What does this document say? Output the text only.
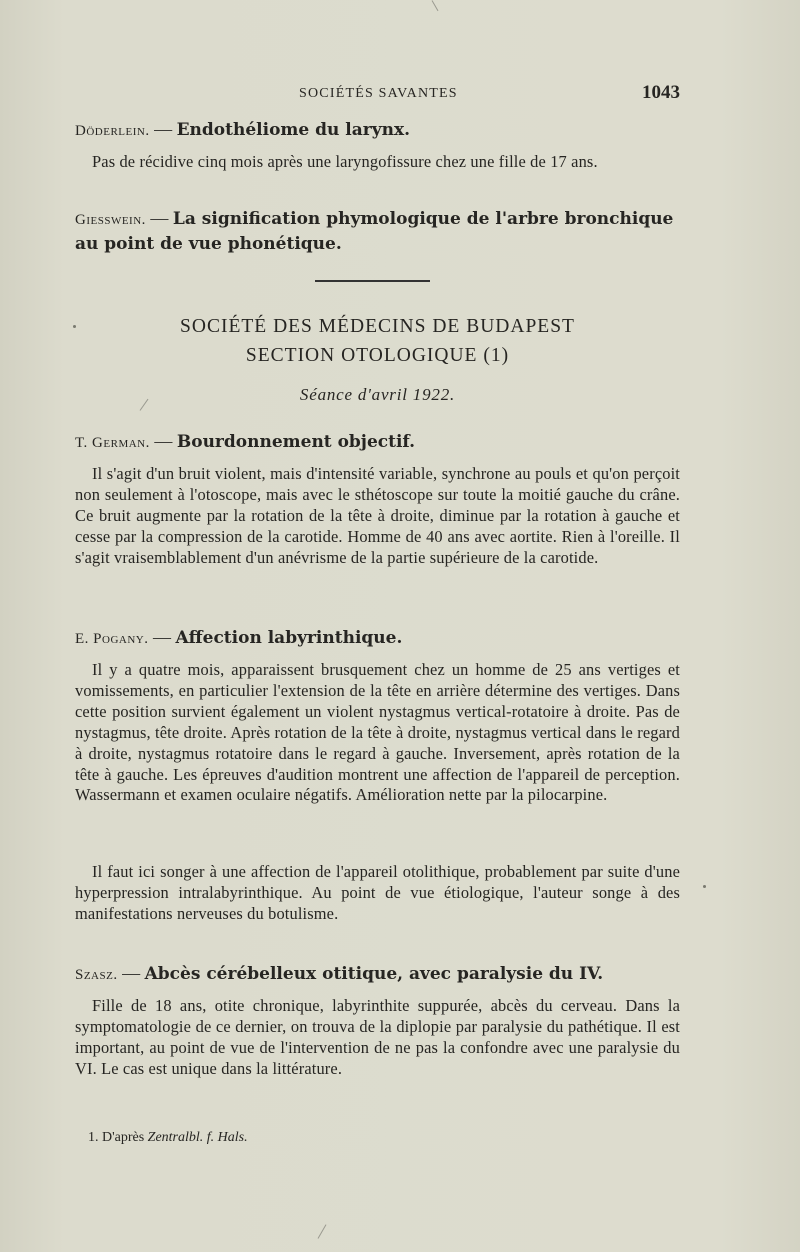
SOCIÉTÉS SAVANTES	1043
Döderlein. — Endothéliome du larynx.
Pas de récidive cinq mois après une laryngofissure chez une fille de 17 ans.
Giesswein. — La signification phymologique de l'arbre bronchique au point de vue phonétique.
SOCIÉTÉ DES MÉDECINS DE BUDAPEST
SECTION OTOLOGIQUE (1)
Séance d'avril 1922.
T. German. — Bourdonnement objectif.
Il s'agit d'un bruit violent, mais d'intensité variable, synchrone au pouls et qu'on perçoit non seulement à l'otoscope, mais avec le sthétoscope sur toute la moitié gauche du crâne. Ce bruit augmente par la rotation de la tête à droite, diminue par la rotation à gauche et cesse par la compression de la carotide. Homme de 40 ans avec aortite. Rien à l'oreille. Il s'agit vraisemblablement d'un anévrisme de la partie supérieure de la carotide.
E. Pogany. — Affection labyrinthique.
Il y a quatre mois, apparaissent brusquement chez un homme de 25 ans vertiges et vomissements, en particulier l'extension de la tête en arrière détermine des vertiges. Dans cette position survient également un violent nystagmus vertical-rotatoire à droite. Pas de nystagmus, tête droite. Après rotation de la tête à droite, nystagmus vertical dans le regard à droite, nystagmus rotatoire dans le regard à gauche. Inversement, après rotation de la tête à gauche. Les épreuves d'audition montrent une affection de l'appareil de perception. Wassermann et examen oculaire négatifs. Amélioration nette par la pilocarpine.
Il faut ici songer à une affection de l'appareil otolithique, probablement par suite d'une hyperpression intralabyrinthique. Au point de vue étiologique, l'auteur songe à des manifestations nerveuses du botulisme.
Szasz. — Abcès cérébelleux otitique, avec paralysie du IV.
Fille de 18 ans, otite chronique, labyrinthite suppurée, abcès du cerveau. Dans la symptomatologie de ce dernier, on trouva de la diplopie par paralysie du pathétique. Il est important, au point de vue de l'intervention de ne pas la confondre avec une paralysie du VI. Le cas est unique dans la littérature.
1. D'après Zentralbl. f. Hals.
